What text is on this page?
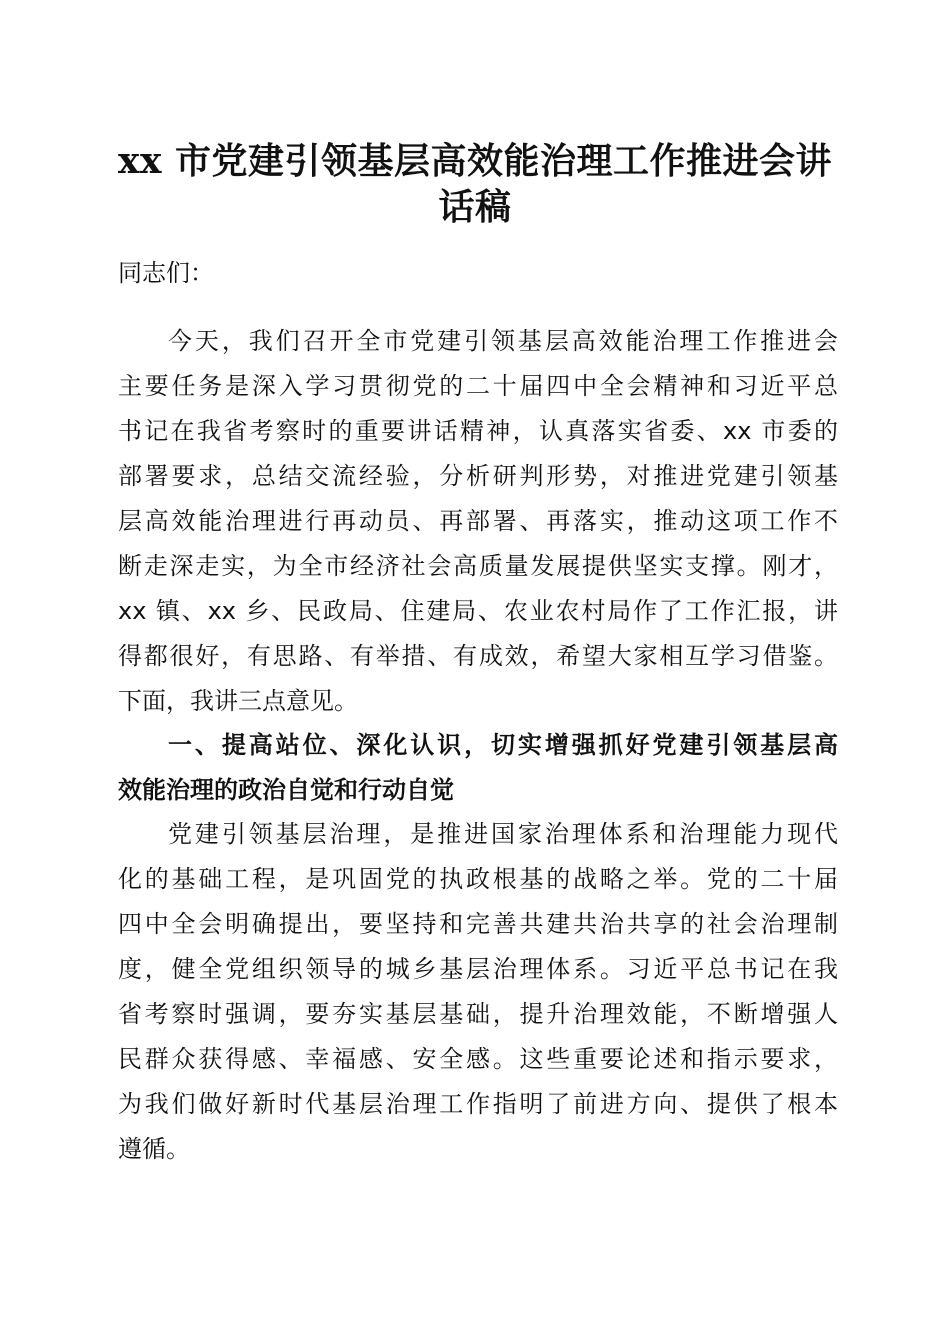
xx 市党建引领基层高效能治理工作推进会讲
话稿
同志们：
今天，我们召开全市党建引领基层高效能治理工作推进会
主要任务是深入学习贯彻党的二十届四中全会精神和习近平总
书记在我省考察时的重要讲话精神，认真落实省委、xx 市委的
部署要求，总结交流经验，分析研判形势，对推进党建引领基
层高效能治理进行再动员、再部署、再落实，推动这项工作不
断走深走实，为全市经济社会高质量发展提供坚实支撑。刚才，
xx 镇、xx 乡、民政局、住建局、农业农村局作了工作汇报，讲
得都很好，有思路、有举措、有成效，希望大家相互学习借鉴。
下面，我讲三点意见。
一、提高站位、深化认识，切实增强抓好党建引领基层高
效能治理的政治自觉和行动自觉
党建引领基层治理，是推进国家治理体系和治理能力现代
化的基础工程，是巩固党的执政根基的战略之举。党的二十届
四中全会明确提出，要坚持和完善共建共治共享的社会治理制
度，健全党组织领导的城乡基层治理体系。习近平总书记在我
省考察时强调，要夯实基层基础，提升治理效能，不断增强人
民群众获得感、幸福感、安全感。这些重要论述和指示要求，
为我们做好新时代基层治理工作指明了前进方向、提供了根本
遵循。
